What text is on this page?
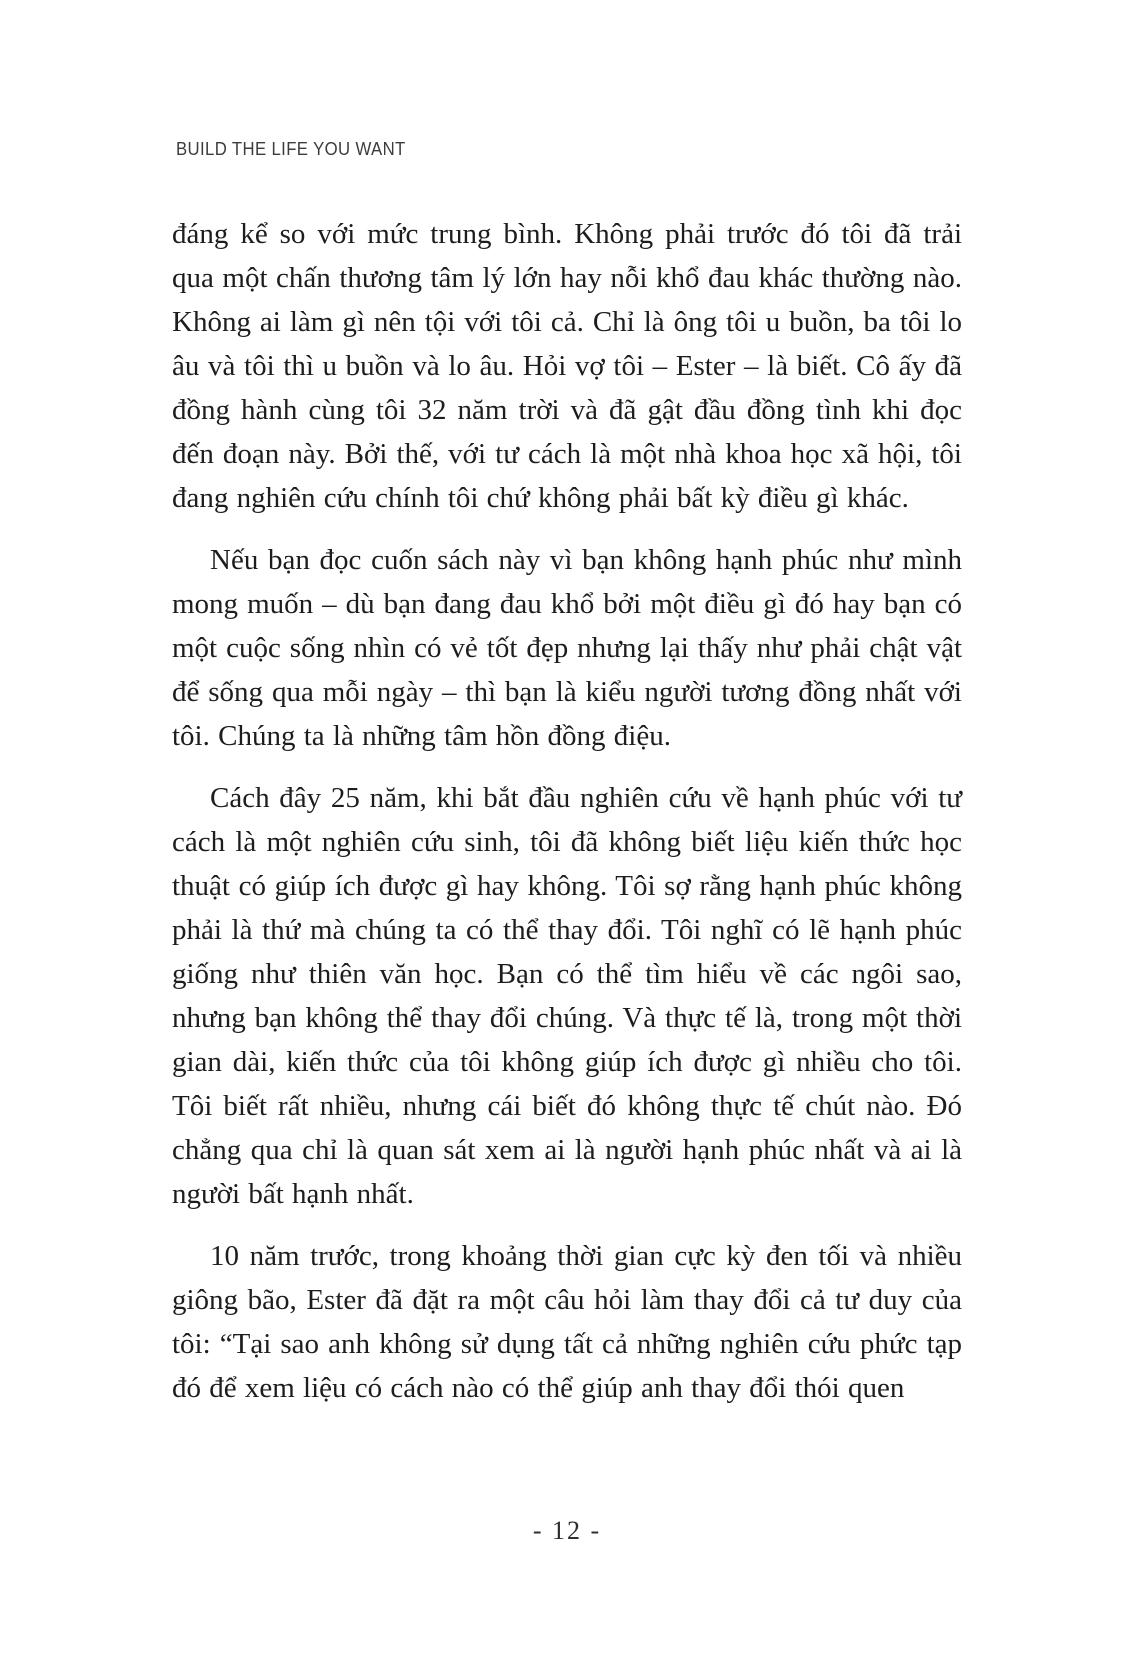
BUILD THE LIFE YOU WANT

đáng kể so với mức trung bình. Không phải trước đó tôi đã trải qua một chấn thương tâm lý lớn hay nỗi khổ đau khác thường nào. Không ai làm gì nên tội với tôi cả. Chỉ là ông tôi u buồn, ba tôi lo âu và tôi thì u buồn và lo âu. Hỏi vợ tôi – Ester – là biết. Cô ấy đã đồng hành cùng tôi 32 năm trời và đã gật đầu đồng tình khi đọc đến đoạn này. Bởi thế, với tư cách là một nhà khoa học xã hội, tôi đang nghiên cứu chính tôi chứ không phải bất kỳ điều gì khác.

Nếu bạn đọc cuốn sách này vì bạn không hạnh phúc như mình mong muốn – dù bạn đang đau khổ bởi một điều gì đó hay bạn có một cuộc sống nhìn có vẻ tốt đẹp nhưng lại thấy như phải chật vật để sống qua mỗi ngày – thì bạn là kiểu người tương đồng nhất với tôi. Chúng ta là những tâm hồn đồng điệu.

Cách đây 25 năm, khi bắt đầu nghiên cứu về hạnh phúc với tư cách là một nghiên cứu sinh, tôi đã không biết liệu kiến thức học thuật có giúp ích được gì hay không. Tôi sợ rằng hạnh phúc không phải là thứ mà chúng ta có thể thay đổi. Tôi nghĩ có lẽ hạnh phúc giống như thiên văn học. Bạn có thể tìm hiểu về các ngôi sao, nhưng bạn không thể thay đổi chúng. Và thực tế là, trong một thời gian dài, kiến thức của tôi không giúp ích được gì nhiều cho tôi. Tôi biết rất nhiều, nhưng cái biết đó không thực tế chút nào. Đó chẳng qua chỉ là quan sát xem ai là người hạnh phúc nhất và ai là người bất hạnh nhất.

10 năm trước, trong khoảng thời gian cực kỳ đen tối và nhiều giông bão, Ester đã đặt ra một câu hỏi làm thay đổi cả tư duy của tôi: “Tại sao anh không sử dụng tất cả những nghiên cứu phức tạp đó để xem liệu có cách nào có thể giúp anh thay đổi thói quen

- 12 -
